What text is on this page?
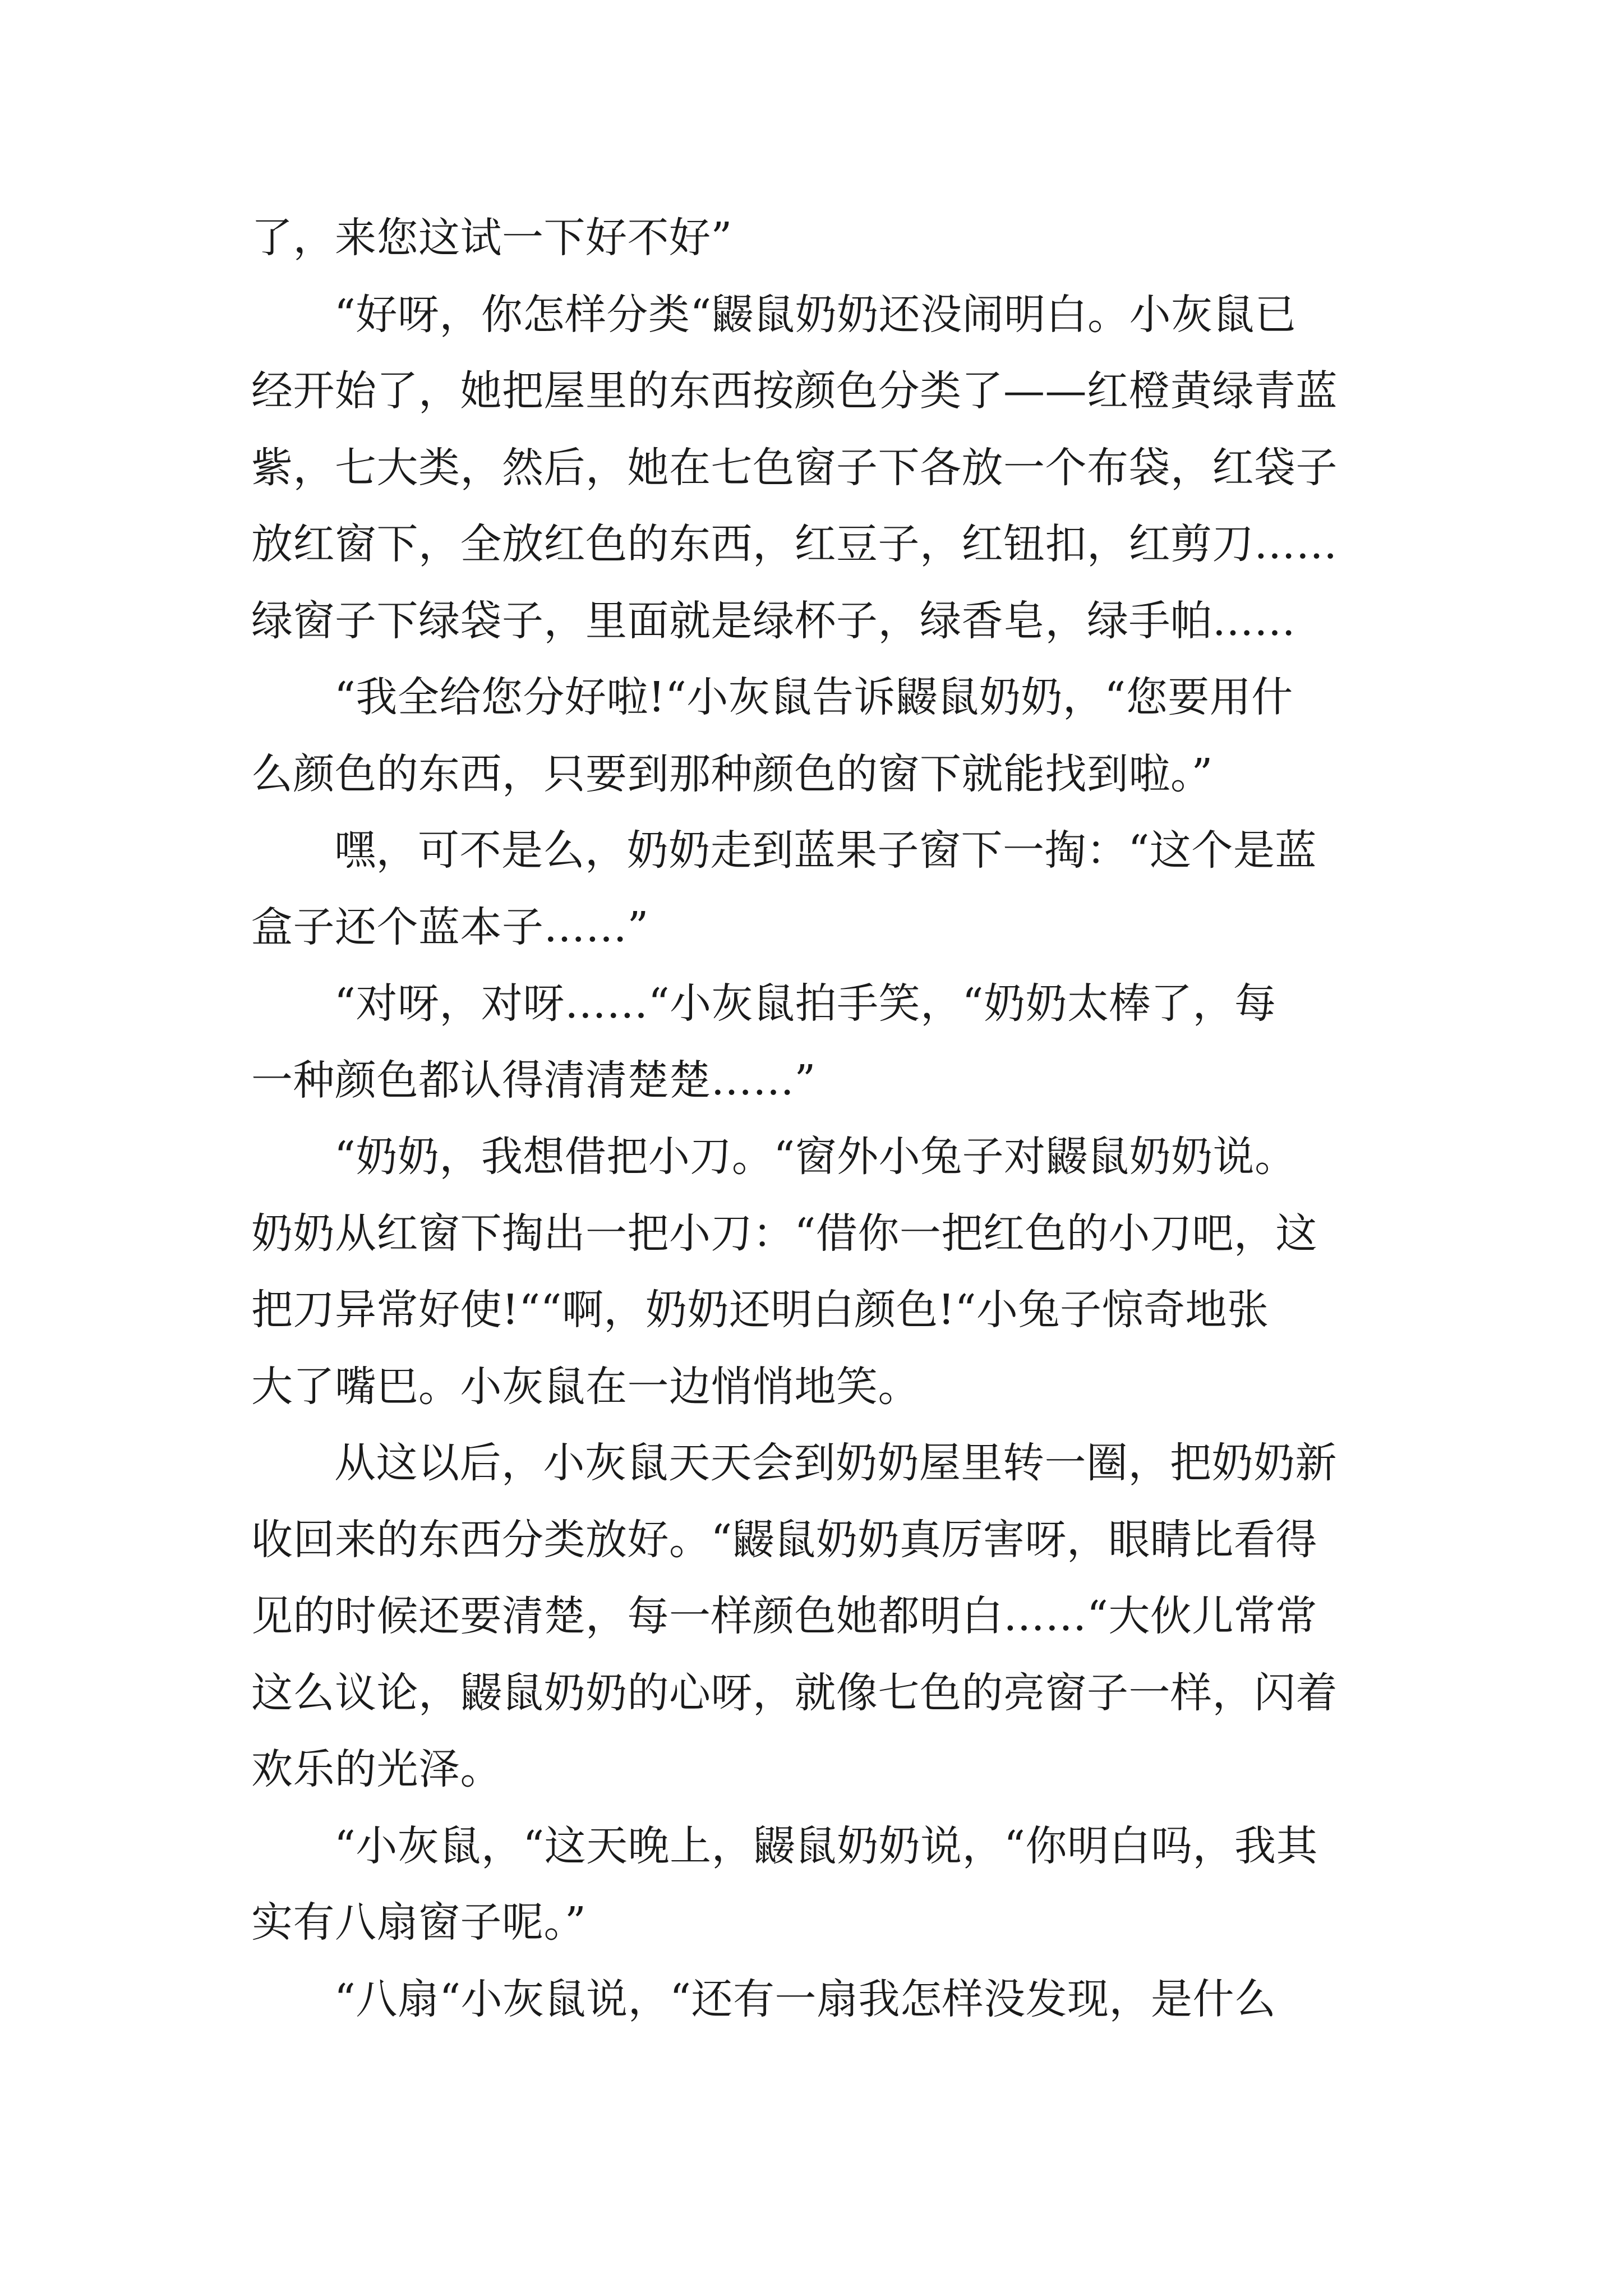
了，来您这试一下好不好”
“好呀，你怎样分类“鼹鼠奶奶还没闹明白。小灰鼠已
经开始了，她把屋里的东西按颜色分类了——红橙黄绿青蓝
紫，七大类，然后，她在七色窗子下各放一个布袋，红袋子
放红窗下，全放红色的东西，红豆子，红钮扣，红剪刀……
绿窗子下绿袋子，里面就是绿杯子，绿香皂，绿手帕……
“我全给您分好啦!“小灰鼠告诉鼹鼠奶奶，“您要用什
么颜色的东西，只要到那种颜色的窗下就能找到啦。”
嘿，可不是么，奶奶走到蓝果子窗下一掏：“这个是蓝
盒子还个蓝本子……”
“对呀，对呀……“小灰鼠拍手笑，“奶奶太棒了，每
一种颜色都认得清清楚楚……”
“奶奶，我想借把小刀。“窗外小兔子对鼹鼠奶奶说。
奶奶从红窗下掏出一把小刀：“借你一把红色的小刀吧，这
把刀异常好使!““啊，奶奶还明白颜色!“小兔子惊奇地张
大了嘴巴。小灰鼠在一边悄悄地笑。
从这以后，小灰鼠天天会到奶奶屋里转一圈，把奶奶新
收回来的东西分类放好。“鼹鼠奶奶真厉害呀，眼睛比看得
见的时候还要清楚，每一样颜色她都明白……“大伙儿常常
这么议论，鼹鼠奶奶的心呀，就像七色的亮窗子一样，闪着
欢乐的光泽。
“小灰鼠，“这天晚上，鼹鼠奶奶说，“你明白吗，我其
实有八扇窗子呢。”
“八扇“小灰鼠说，“还有一扇我怎样没发现，是什么
